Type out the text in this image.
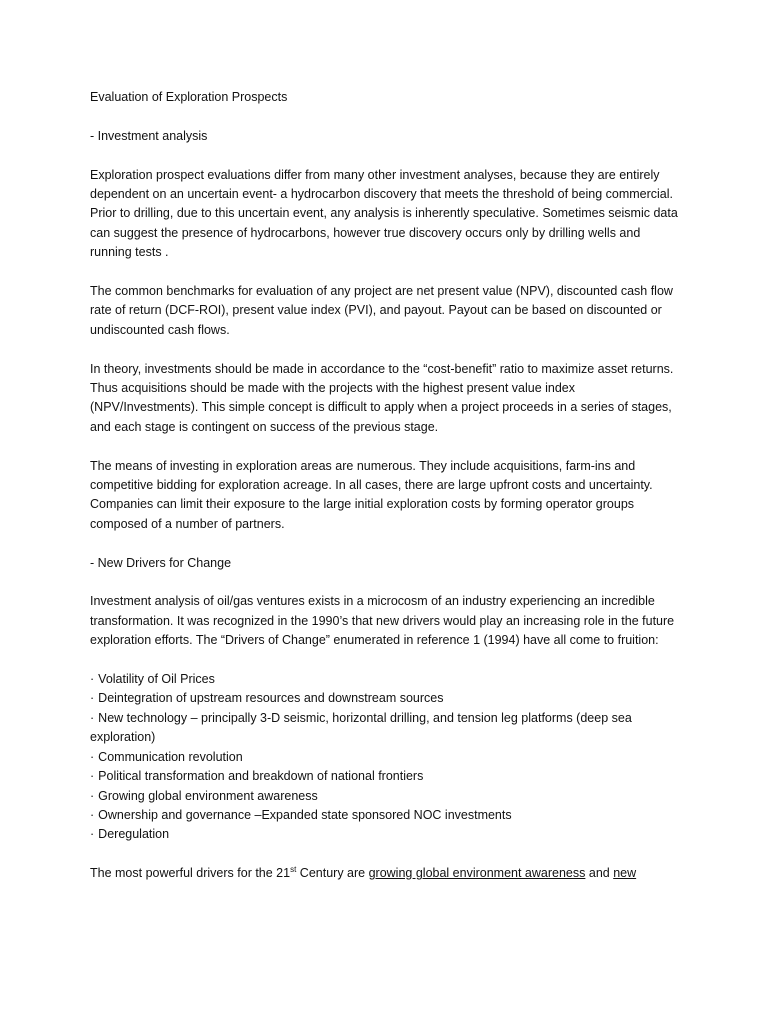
Evaluation of Exploration Prospects

- Investment analysis

Exploration prospect evaluations differ from many other investment analyses, because they are entirely dependent on an uncertain event- a hydrocarbon discovery that meets the threshold of being commercial. Prior to drilling, due to this uncertain event, any analysis is inherently speculative. Sometimes seismic data can suggest the presence of hydrocarbons, however true discovery occurs only by drilling wells and running tests .

The common benchmarks for evaluation of any project are net present value (NPV), discounted cash flow rate of return (DCF-ROI), present value index (PVI), and payout. Payout can be based on discounted or undiscounted cash flows.

In theory, investments should be made in accordance to the “cost-benefit” ratio to maximize asset returns. Thus acquisitions should be made with the projects with the highest present value index (NPV/Investments). This simple concept is difficult to apply when a project proceeds in a series of stages, and each stage is contingent on success of the previous stage.

The means of investing in exploration areas are numerous. They include acquisitions, farm-ins and competitive bidding for exploration acreage. In all cases, there are large upfront costs and uncertainty. Companies can limit their exposure to the large initial exploration costs by forming operator groups composed of a number of partners.

- New Drivers for Change

Investment analysis of oil/gas ventures exists in a microcosm of an industry experiencing an incredible transformation. It was recognized in the 1990’s that new drivers would play an increasing role in the future exploration efforts. The “Drivers of Change” enumerated in reference 1 (1994) have all come to fruition:

· Volatility of Oil Prices
· Deintegration of upstream resources and downstream sources
· New technology – principally 3-D seismic, horizontal drilling, and tension leg platforms (deep sea exploration)
· Communication revolution
· Political transformation and breakdown of national frontiers
· Growing global environment awareness
· Ownership and governance –Expanded state sponsored NOC investments
· Deregulation

The most powerful drivers for the 21st Century are growing global environment awareness and new
